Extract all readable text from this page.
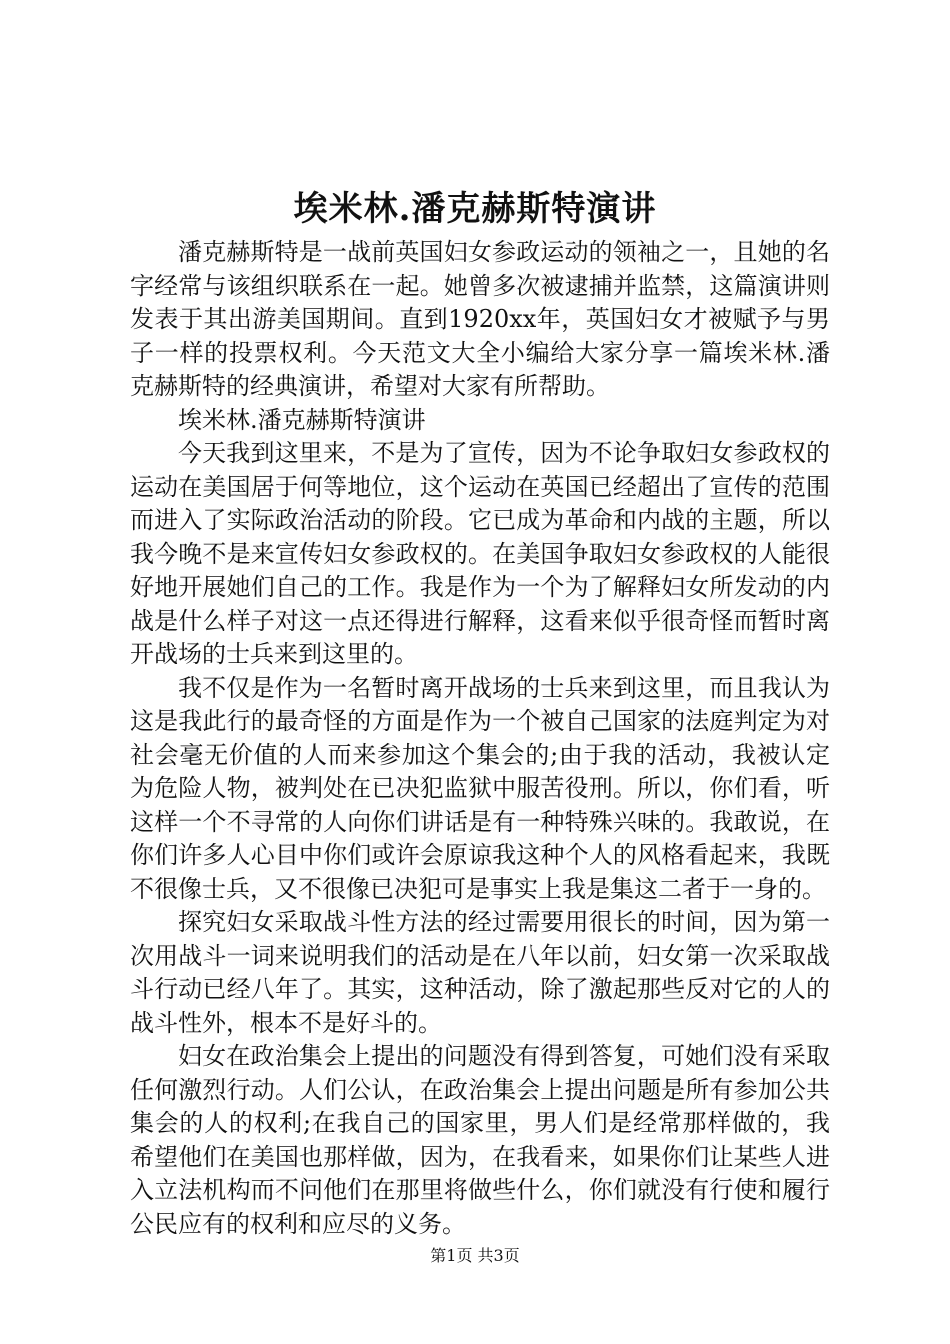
埃米林.潘克赫斯特演讲

潘克赫斯特是一战前英国妇女参政运动的领袖之一，且她的名字经常与该组织联系在一起。她曾多次被逮捕并监禁，这篇演讲则发表于其出游美国期间。直到1920xx年，英国妇女才被赋予与男子一样的投票权利。今天范文大全小编给大家分享一篇埃米林.潘克赫斯特的经典演讲，希望对大家有所帮助。

埃米林.潘克赫斯特演讲

今天我到这里来，不是为了宣传，因为不论争取妇女参政权的运动在美国居于何等地位，这个运动在英国已经超出了宣传的范围而进入了实际政治活动的阶段。它已成为革命和内战的主题，所以我今晚不是来宣传妇女参政权的。在美国争取妇女参政权的人能很好地开展她们自己的工作。我是作为一个为了解释妇女所发动的内战是什么样子对这一点还得进行解释，这看来似乎很奇怪而暂时离开战场的士兵来到这里的。

我不仅是作为一名暂时离开战场的士兵来到这里，而且我认为这是我此行的最奇怪的方面是作为一个被自己国家的法庭判定为对社会毫无价值的人而来参加这个集会的;由于我的活动，我被认定为危险人物，被判处在已决犯监狱中服苦役刑。所以，你们看，听这样一个不寻常的人向你们讲话是有一种特殊兴味的。我敢说，在你们许多人心目中你们或许会原谅我这种个人的风格看起来，我既不很像士兵，又不很像已决犯可是事实上我是集这二者于一身的。

探究妇女采取战斗性方法的经过需要用很长的时间，因为第一次用战斗一词来说明我们的活动是在八年以前，妇女第一次采取战斗行动已经八年了。其实，这种活动，除了激起那些反对它的人的战斗性外，根本不是好斗的。

妇女在政治集会上提出的问题没有得到答复，可她们没有采取任何激烈行动。人们公认，在政治集会上提出问题是所有参加公共集会的人的权利;在我自己的国家里，男人们是经常那样做的，我希望他们在美国也那样做，因为，在我看来，如果你们让某些人进入立法机构而不问他们在那里将做些什么，你们就没有行使和履行公民应有的权利和应尽的义务。

第1页 共3页
